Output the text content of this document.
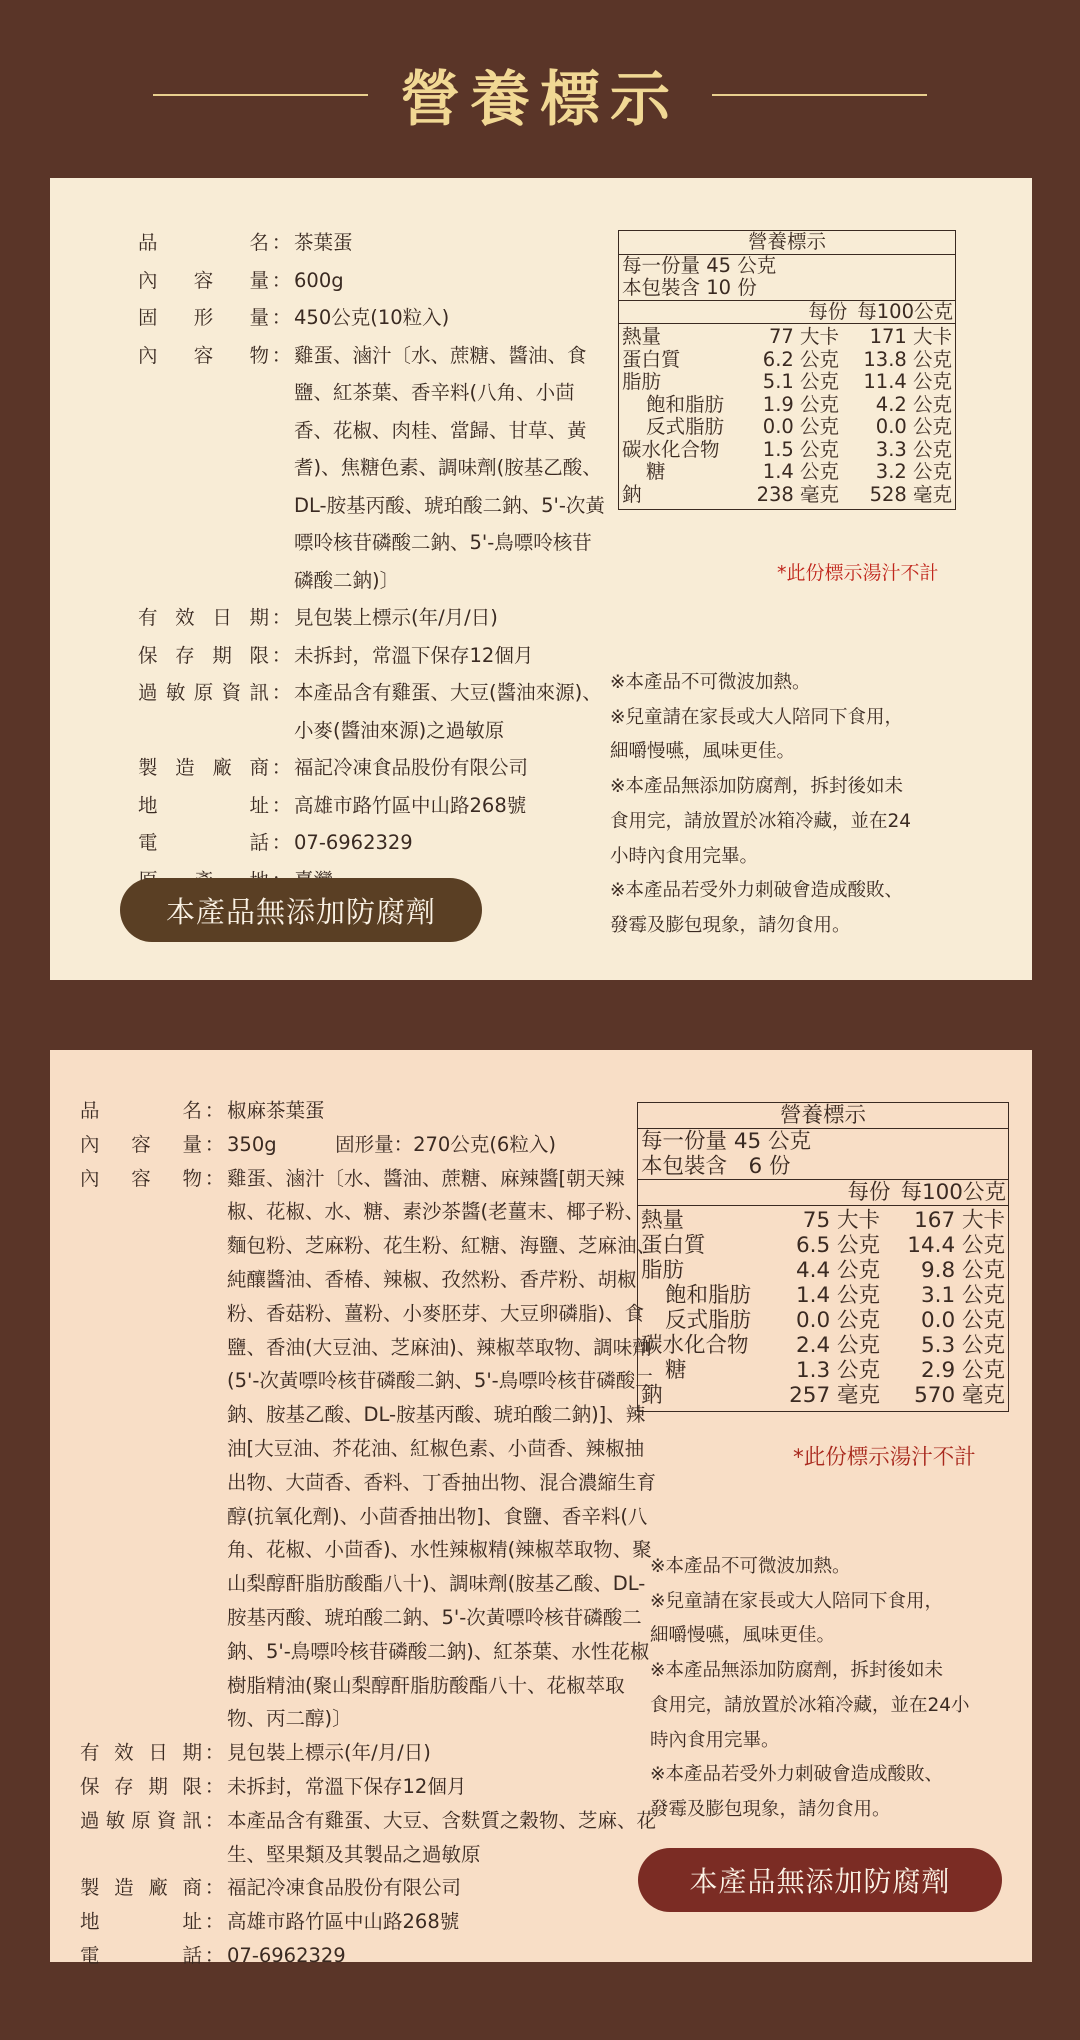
營養標示
品	名 ： 茶葉蛋
內 容 量 ： 600g
固 形 量 ： 450公克(10粒入)
內 容 物 ： 雞蛋、滷汁〔水、蔗糖、醬油、食鹽、紅茶葉、香辛料(八角、小茴香、花椒、肉桂、當歸、甘草、黃耆)、焦糖色素、調味劑(胺基乙酸、DL-胺基丙酸、琥珀酸二鈉、5'-次黃嘌呤核苷磷酸二鈉、5'-鳥嘌呤核苷磷酸二鈉)〕
有 效 日 期 ： 見包裝上標示(年/月/日)
保 存 期 限 ： 未拆封，常溫下保存12個月
過 敏 原 資 訊 ： 本產品含有雞蛋、大豆(醬油來源)、小麥(醬油來源)之過敏原
製 造 廠 商 ： 福記冷凍食品股份有限公司
地	址 ： 高雄市路竹區中山路268號
電	話 ： 07-6962329
營養標示
每一份量 45 公克
本包裝含 10 份
每份 每100公克
熱量	77 大卡	171 大卡
蛋白質	6.2 公克	13.8 公克
脂肪	5.1 公克	11.4 公克
飽和脂肪	1.9 公克	4.2 公克
反式脂肪	0.0 公克	0.0 公克
碳水化合物	1.5 公克	3.3 公克
糖	1.4 公克	3.2 公克
鈉	238 毫克	528 毫克
*此份標示湯汁不計
※本產品不可微波加熱。
※兒童請在家長或大人陪同下食用，
細嚼慢嚥，風味更佳。
※本產品無添加防腐劑，拆封後如未
食用完，請放置於冰箱冷藏，並在24
小時內食用完畢。
※本產品若受外力刺破會造成酸敗、
發霉及膨包現象，請勿食用。
本產品無添加防腐劑
品	名 ： 椒麻茶葉蛋
內 容 量 ： 350g　　　固形量：270公克(6粒入)
內 容 物 ： 雞蛋、滷汁〔水、醬油、蔗糖、麻辣醬[朝天辣椒、花椒、水、糖、素沙茶醬(老薑末、椰子粉、麵包粉、芝麻粉、花生粉、紅糖、海鹽、芝麻油、純釀醬油、香椿、辣椒、孜然粉、香芹粉、胡椒粉、香菇粉、薑粉、小麥胚芽、大豆卵磷脂)、食鹽、香油(大豆油、芝麻油)、辣椒萃取物、調味劑(5'-次黃嘌呤核苷磷酸二鈉、5'-鳥嘌呤核苷磷酸二鈉、胺基乙酸、DL-胺基丙酸、琥珀酸二鈉)]、辣油[大豆油、芥花油、紅椒色素、小茴香、辣椒抽出物、大茴香、香料、丁香抽出物、混合濃縮生育醇(抗氧化劑)、小茴香抽出物]、食鹽、香辛料(八角、花椒、小茴香)、水性辣椒精(辣椒萃取物、聚山梨醇酐脂肪酸酯八十)、調味劑(胺基乙酸、DL-胺基丙酸、琥珀酸二鈉、5'-次黃嘌呤核苷磷酸二鈉、5'-鳥嘌呤核苷磷酸二鈉)、紅茶葉、水性花椒樹脂精油(聚山梨醇酐脂肪酸酯八十、花椒萃取物、丙二醇)〕
有 效 日 期 ： 見包裝上標示(年/月/日)
保 存 期 限 ： 未拆封，常溫下保存12個月
過 敏 原 資 訊 ： 本產品含有雞蛋、大豆、含麩質之穀物、芝麻、花生、堅果類及其製品之過敏原
製 造 廠 商 ： 福記冷凍食品股份有限公司
地	址 ： 高雄市路竹區中山路268號
電	話 ： 07-6962329
營養標示
每一份量 45 公克
本包裝含　6 份
每份 每100公克
熱量	75 大卡	167 大卡
蛋白質	6.5 公克	14.4 公克
脂肪	4.4 公克	9.8 公克
飽和脂肪	1.4 公克	3.1 公克
反式脂肪	0.0 公克	0.0 公克
碳水化合物	2.4 公克	5.3 公克
糖	1.3 公克	2.9 公克
鈉	257 毫克	570 毫克
*此份標示湯汁不計
※本產品不可微波加熱。
※兒童請在家長或大人陪同下食用，
細嚼慢嚥，風味更佳。
※本產品無添加防腐劑，拆封後如未
食用完，請放置於冰箱冷藏，並在24小
時內食用完畢。
※本產品若受外力刺破會造成酸敗、
發霉及膨包現象，請勿食用。
本產品無添加防腐劑
